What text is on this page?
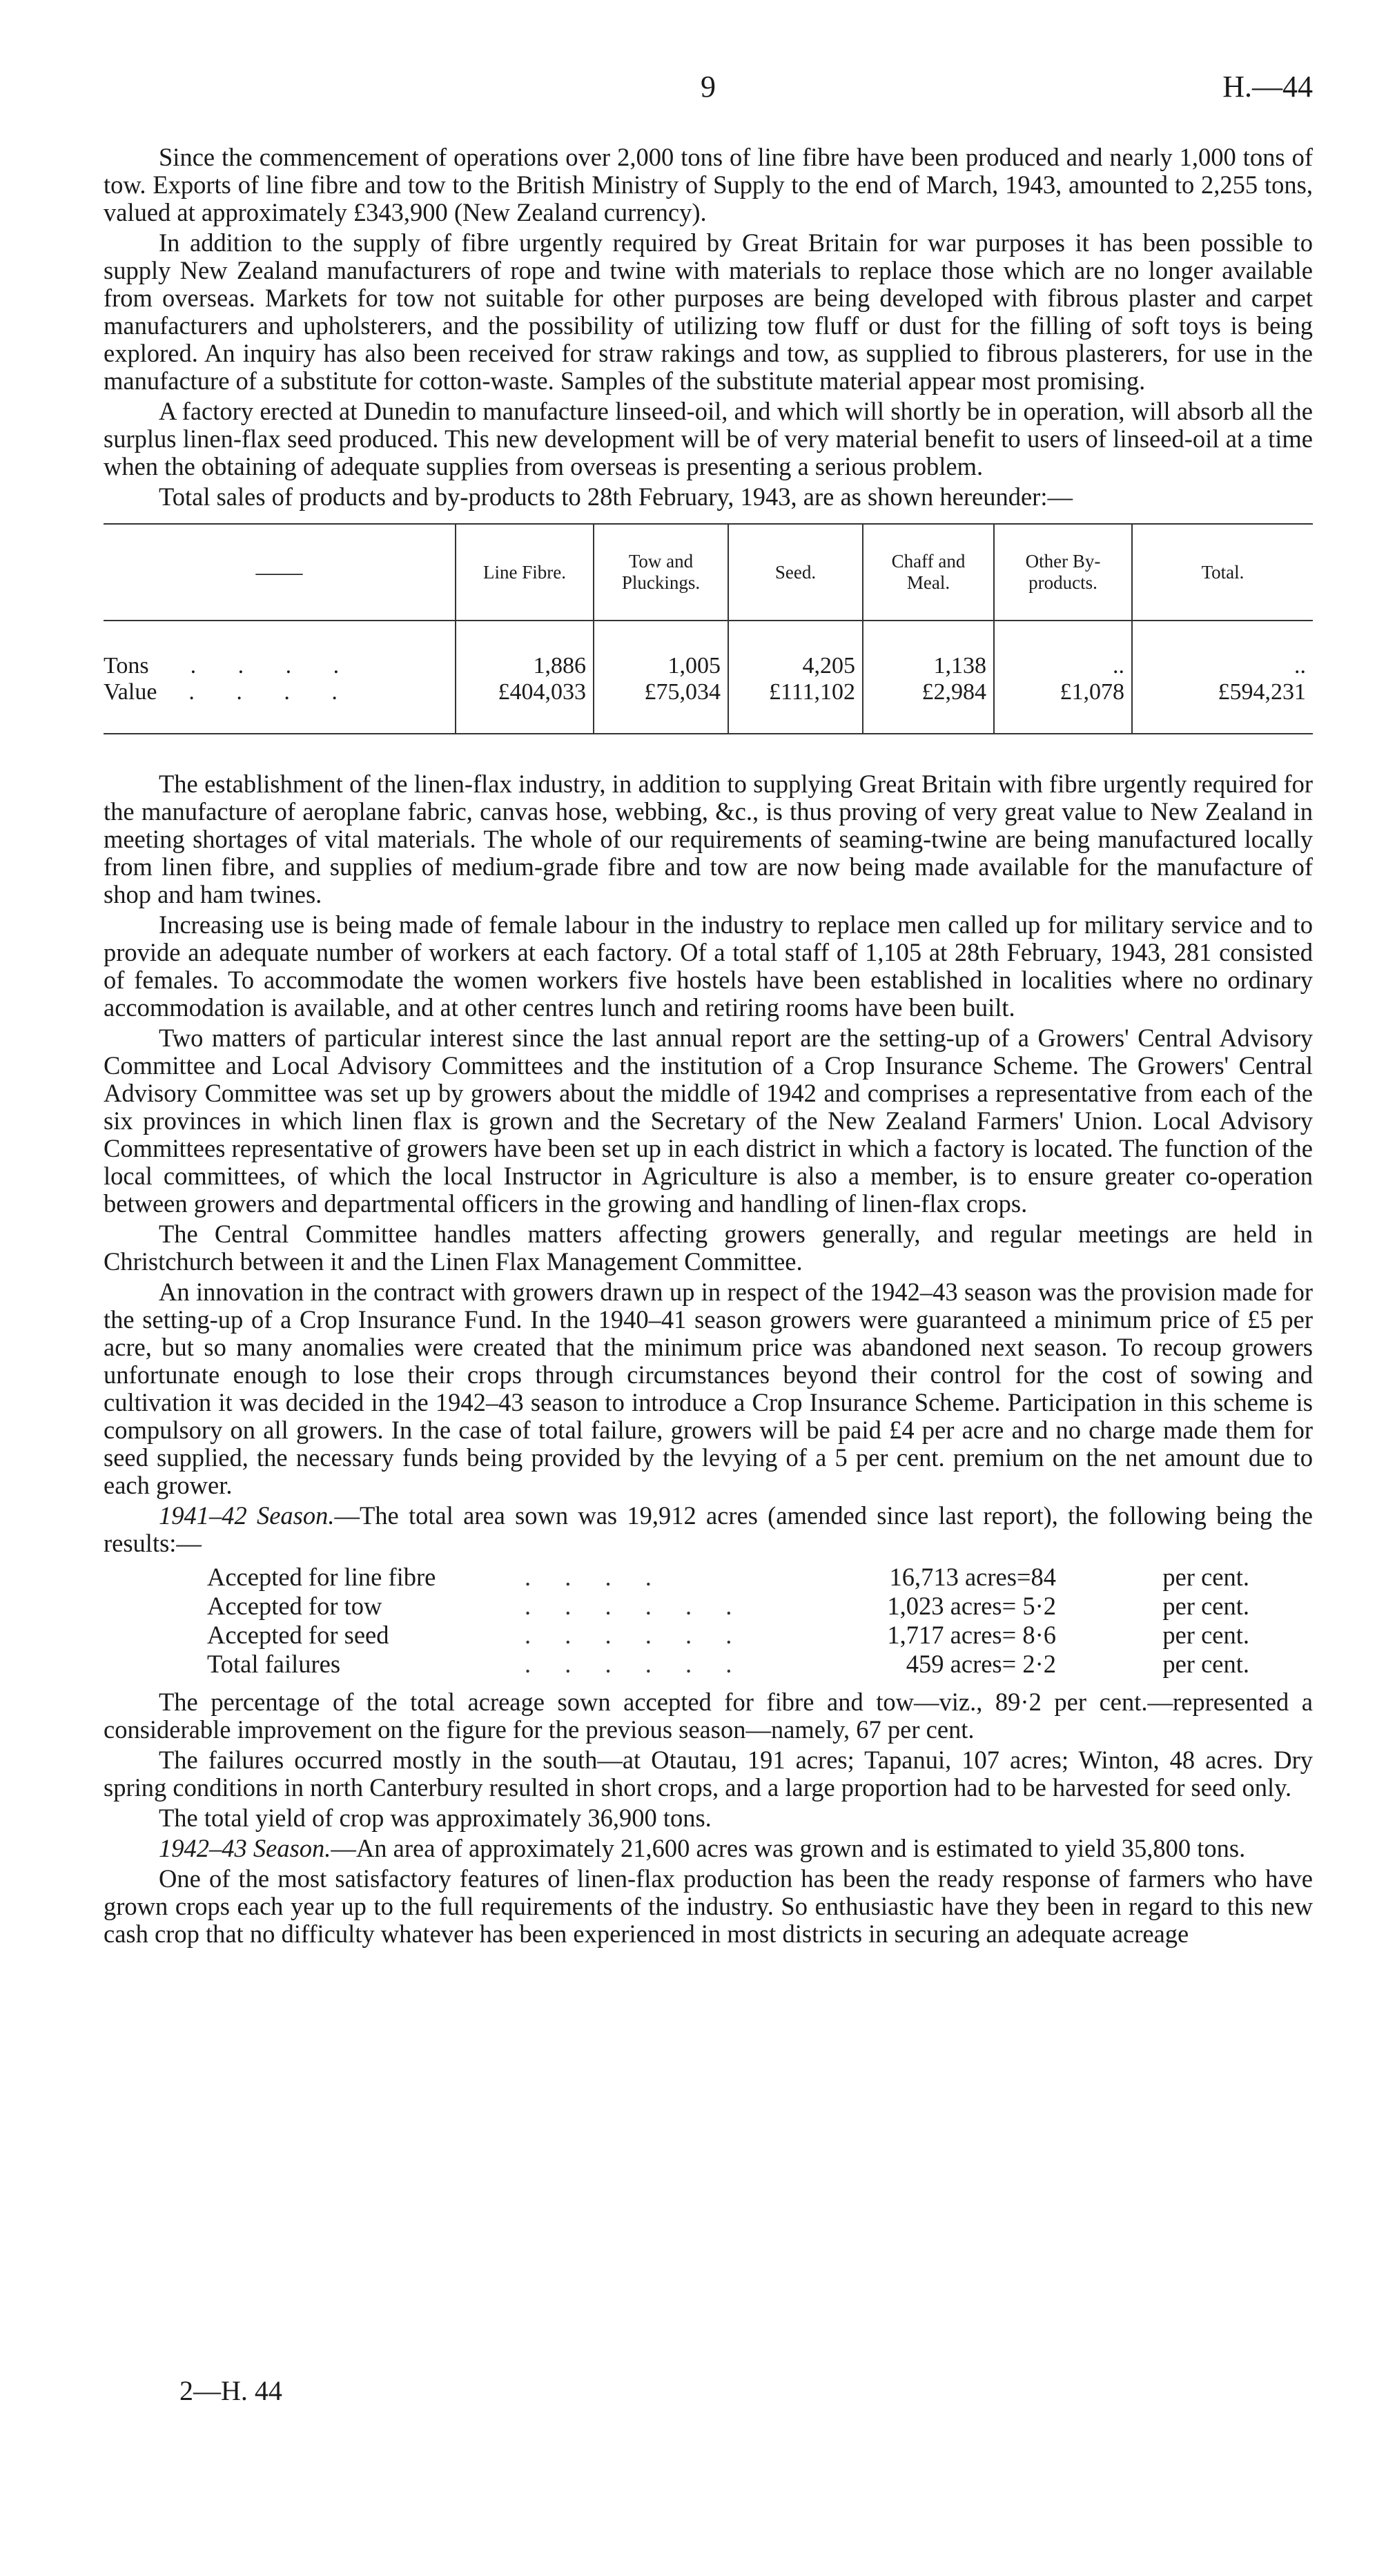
9	H.—44

Since the commencement of operations over 2,000 tons of line fibre have been produced and nearly 1,000 tons of tow. Exports of line fibre and tow to the British Ministry of Supply to the end of March, 1943, amounted to 2,255 tons, valued at approximately £343,900 (New Zealand currency).

In addition to the supply of fibre urgently required by Great Britain for war purposes it has been possible to supply New Zealand manufacturers of rope and twine with materials to replace those which are no longer available from overseas. Markets for tow not suitable for other purposes are being developed with fibrous plaster and carpet manufacturers and upholsterers, and the possibility of utilizing tow fluff or dust for the filling of soft toys is being explored. An inquiry has also been received for straw rakings and tow, as supplied to fibrous plasterers, for use in the manufacture of a substitute for cotton-waste. Samples of the substitute material appear most promising.

A factory erected at Dunedin to manufacture linseed-oil, and which will shortly be in operation, will absorb all the surplus linen-flax seed produced. This new development will be of very material benefit to users of linseed-oil at a time when the obtaining of adequate supplies from overseas is presenting a serious problem.

Total sales of products and by-products to 28th February, 1943, are as shown hereunder:—

——	Line Fibre.	Tow and Pluckings.	Seed.	Chaff and Meal.	Other By-products.	Total.

Tons . . . .	1,886	1,005	4,205	1,138	..	..
Value . . . .	£404,033	£75,034	£111,102	£2,984	£1,078	£594,231

The establishment of the linen-flax industry, in addition to supplying Great Britain with fibre urgently required for the manufacture of aeroplane fabric, canvas hose, webbing, &c., is thus proving of very great value to New Zealand in meeting shortages of vital materials. The whole of our requirements of seaming-twine are being manufactured locally from linen fibre, and supplies of medium-grade fibre and tow are now being made available for the manufacture of shop and ham twines.

Increasing use is being made of female labour in the industry to replace men called up for military service and to provide an adequate number of workers at each factory. Of a total staff of 1,105 at 28th February, 1943, 281 consisted of females. To accommodate the women workers five hostels have been established in localities where no ordinary accommodation is available, and at other centres lunch and retiring rooms have been built.

Two matters of particular interest since the last annual report are the setting-up of a Growers' Central Advisory Committee and Local Advisory Committees and the institution of a Crop Insurance Scheme. The Growers' Central Advisory Committee was set up by growers about the middle of 1942 and comprises a representative from each of the six provinces in which linen flax is grown and the Secretary of the New Zealand Farmers' Union. Local Advisory Committees representative of growers have been set up in each district in which a factory is located. The function of the local committees, of which the local Instructor in Agriculture is also a member, is to ensure greater co-operation between growers and departmental officers in the growing and handling of linen-flax crops.

The Central Committee handles matters affecting growers generally, and regular meetings are held in Christchurch between it and the Linen Flax Management Committee.

An innovation in the contract with growers drawn up in respect of the 1942–43 season was the provision made for the setting-up of a Crop Insurance Fund. In the 1940–41 season growers were guaranteed a minimum price of £5 per acre, but so many anomalies were created that the minimum price was abandoned next season. To recoup growers unfortunate enough to lose their crops through circumstances beyond their control for the cost of sowing and cultivation it was decided in the 1942–43 season to introduce a Crop Insurance Scheme. Participation in this scheme is compulsory on all growers. In the case of total failure, growers will be paid £4 per acre and no charge made them for seed supplied, the necessary funds being provided by the levying of a 5 per cent. premium on the net amount due to each grower.

1941–42 Season.—The total area sown was 19,912 acres (amended since last report), the following being the results:—

Accepted for line fibre	. . . .	16,713 acres=84	per cent.
Accepted for tow	. . . . . .	1,023 acres= 5·2	per cent.
Accepted for seed	. . . . . .	1,717 acres= 8·6	per cent.
Total failures	. . . . . .	459 acres= 2·2	per cent.

The percentage of the total acreage sown accepted for fibre and tow—viz., 89·2 per cent.—represented a considerable improvement on the figure for the previous season—namely, 67 per cent.

The failures occurred mostly in the south—at Otautau, 191 acres; Tapanui, 107 acres; Winton, 48 acres. Dry spring conditions in north Canterbury resulted in short crops, and a large proportion had to be harvested for seed only.

The total yield of crop was approximately 36,900 tons.

1942–43 Season.—An area of approximately 21,600 acres was grown and is estimated to yield 35,800 tons.

One of the most satisfactory features of linen-flax production has been the ready response of farmers who have grown crops each year up to the full requirements of the industry. So enthusiastic have they been in regard to this new cash crop that no difficulty whatever has been experienced in most districts in securing an adequate acreage

2—H. 44
